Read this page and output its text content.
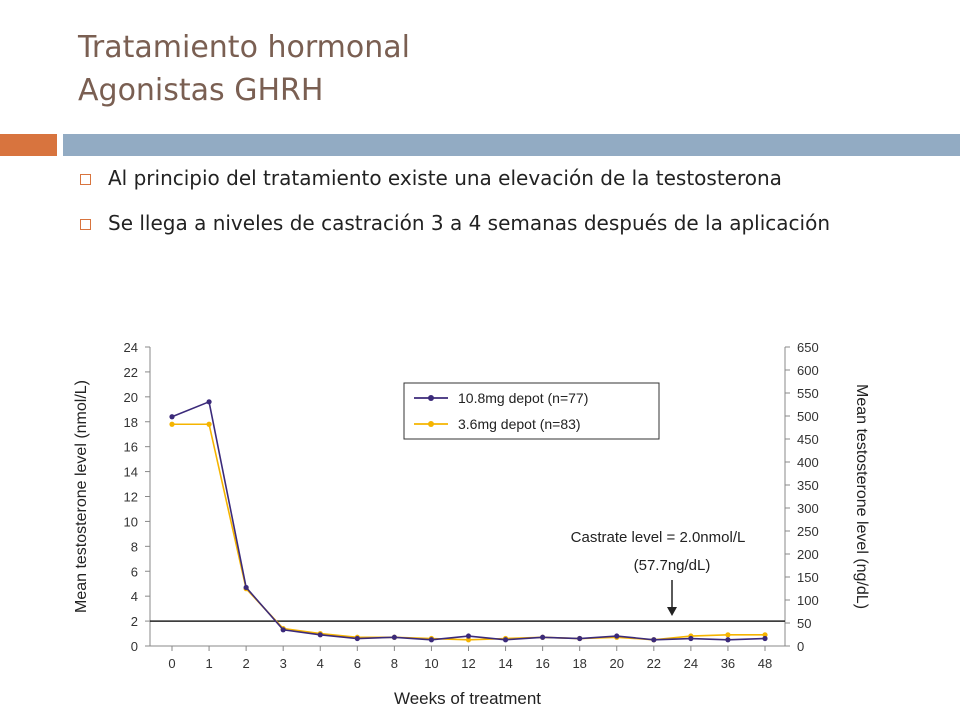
Tratamiento hormonal
Agonistas GHRH
Al principio del tratamiento existe una elevación de la testosterona
Se llega a niveles de castración 3 a 4 semanas después de la aplicación
0
2
4
6
8
10
12
14
16
18
20
22
24
0
50
100
150
200
250
300
350
400
450
500
550
600
650
0 1 2 3 4 6 8 10 12 14 16 18 20 22 24 36 48
Mean testosterone level (nmol/L)	Mean testosterone level (ng/dL)
Weeks of treatment
Castrate level = 2.0nmol/L
(57.7ng/dL)
10.8mg depot (n=77)
3.6mg depot (n=83)
